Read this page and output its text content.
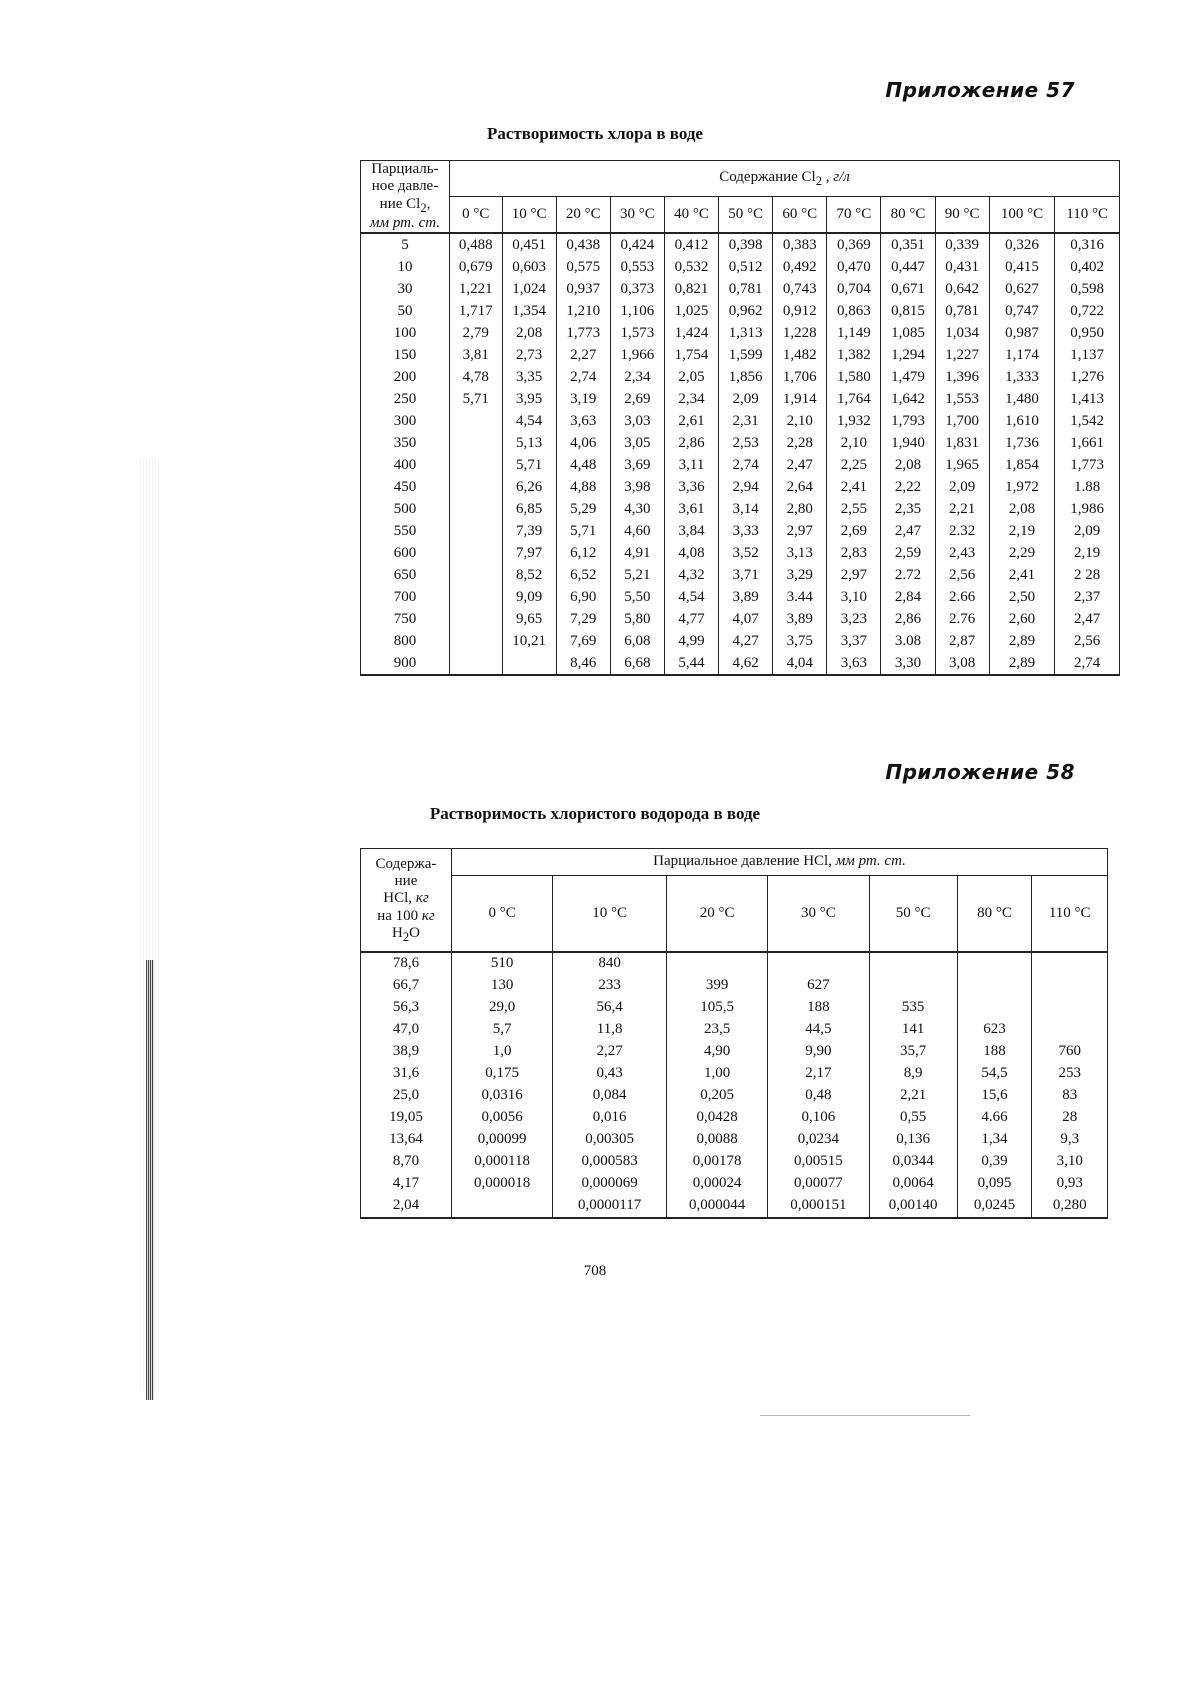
Приложение 57
Растворимость хлора в воде
Парциаль-
ное давле-
ние $Cl_2$,
мм рт. ст.	Содержание $Cl_2$ , г/л											
	0 °C	10 °C	20 °C	30 °C	40 °C	50 °C	60 °C	70 °C	80 °C	90 °C	100 °C	110 °C
5	0,488	0,451	0,438	0,424	0,412	0,398	0,383	0,369	0,351	0,339	0,326	0,316
10	0,679	0,603	0,575	0,553	0,532	0,512	0,492	0,470	0,447	0,431	0,415	0,402
30	1,221	1,024	0,937	0,373	0,821	0,781	0,743	0,704	0,671	0,642	0,627	0,598
50	1,717	1,354	1,210	1,106	1,025	0,962	0,912	0,863	0,815	0,781	0,747	0,722
100	2,79	2,08	1,773	1,573	1,424	1,313	1,228	1,149	1,085	1,034	0,987	0,950
150	3,81	2,73	2,27	1,966	1,754	1,599	1,482	1,382	1,294	1,227	1,174	1,137
200	4,78	3,35	2,74	2,34	2,05	1,856	1,706	1,580	1,479	1,396	1,333	1,276
250	5,71	3,95	3,19	2,69	2,34	2,09	1,914	1,764	1,642	1,553	1,480	1,413
300		4,54	3,63	3,03	2,61	2,31	2,10	1,932	1,793	1,700	1,610	1,542
350		5,13	4,06	3,05	2,86	2,53	2,28	2,10	1,940	1,831	1,736	1,661
400		5,71	4,48	3,69	3,11	2,74	2,47	2,25	2,08	1,965	1,854	1,773
450		6,26	4,88	3,98	3,36	2,94	2,64	2,41	2,22	2,09	1,972	1.88
500		6,85	5,29	4,30	3,61	3,14	2,80	2,55	2,35	2,21	2,08	1,986
550		7,39	5,71	4,60	3,84	3,33	2,97	2,69	2,47	2.32	2,19	2,09
600		7,97	6,12	4,91	4,08	3,52	3,13	2,83	2,59	2,43	2,29	2,19
650		8,52	6,52	5,21	4,32	3,71	3,29	2,97	2.72	2,56	2,41	2 28
700		9,09	6,90	5,50	4,54	3,89	3.44	3,10	2,84	2.66	2,50	2,37
750		9,65	7,29	5,80	4,77	4,07	3,89	3,23	2,86	2.76	2,60	2,47
800		10,21	7,69	6,08	4,99	4,27	3,75	3,37	3.08	2,87	2,89	2,56
900			8,46	6,68	5,44	4,62	4,04	3,63	3,30	3,08	2,89	2,74
Приложение 58
Растворимость хлористого водорода в воде
Содержа-
ние
HCl, кг
на 100 кг
$H_2O$	Парциальное давление HCl, мм рт. ст.						
	0 °C	10 °C	20 °C	30 °C	50 °C	80 °C	110 °C
78,6	510	840					
66,7	130	233	399	627			
56,3	29,0	56,4	105,5	188	535		
47,0	5,7	11,8	23,5	44,5	141	623	
38,9	1,0	2,27	4,90	9,90	35,7	188	760
31,6	0,175	0,43	1,00	2,17	8,9	54,5	253
25,0	0,0316	0,084	0,205	0,48	2,21	15,6	83
19,05	0,0056	0,016	0,0428	0,106	0,55	4.66	28
13,64	0,00099	0,00305	0,0088	0,0234	0,136	1,34	9,3
8,70	0,000118	0,000583	0,00178	0,00515	0,0344	0,39	3,10
4,17	0,000018	0,000069	0,00024	0,00077	0,0064	0,095	0,93
2,04		0,0000117	0,000044	0,000151	0,00140	0,0245	0,280
708
